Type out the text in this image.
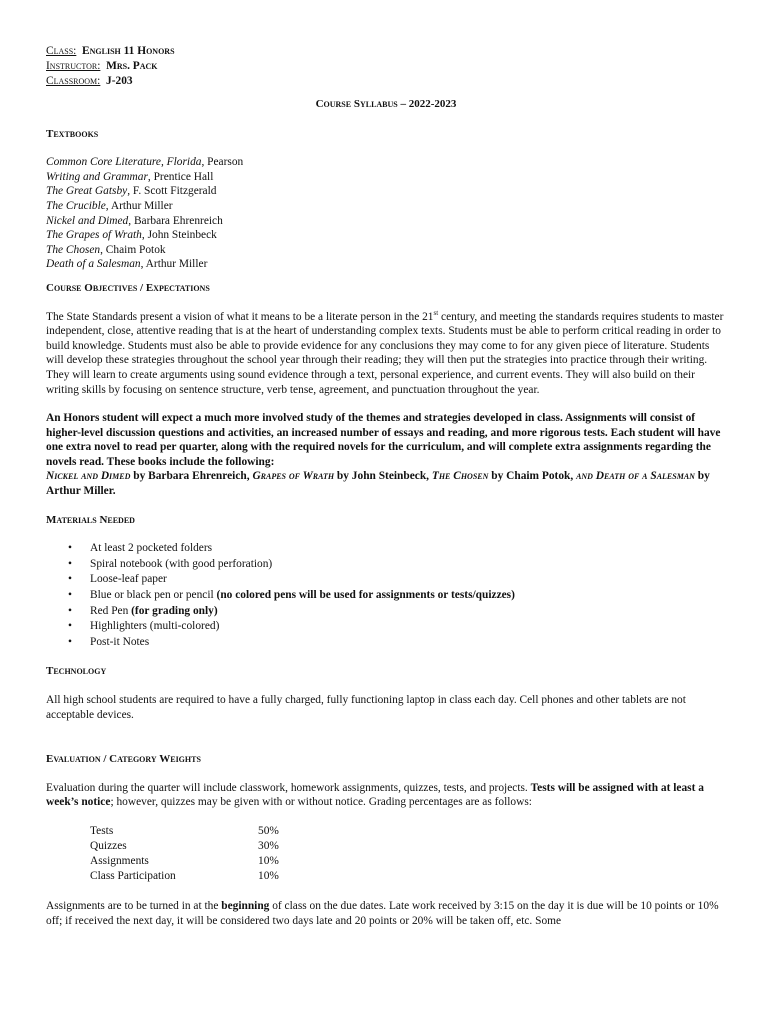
Class: English 11 Honors
Instructor: Mrs. Pack
Classroom: J-203
Course Syllabus – 2022-2023
Textbooks
Common Core Literature, Florida, Pearson
Writing and Grammar, Prentice Hall
The Great Gatsby, F. Scott Fitzgerald
The Crucible, Arthur Miller
Nickel and Dimed, Barbara Ehrenreich
The Grapes of Wrath, John Steinbeck
The Chosen, Chaim Potok
Death of a Salesman, Arthur Miller
Course Objectives / Expectations

The State Standards present a vision of what it means to be a literate person in the 21st century, and meeting the standards requires students to master independent, close, attentive reading that is at the heart of understanding complex texts. Students must be able to perform critical reading in order to build knowledge. Students must also be able to provide evidence for any conclusions they may come to for any given piece of literature. Students will develop these strategies throughout the school year through their reading; they will then put the strategies into practice through their writing. They will learn to create arguments using sound evidence through a text, personal experience, and current events. They will also build on their writing skills by focusing on sentence structure, verb tense, agreement, and punctuation throughout the year.

An Honors student will expect a much more involved study of the themes and strategies developed in class. Assignments will consist of higher-level discussion questions and activities, an increased number of essays and reading, and more rigorous tests. Each student will have one extra novel to read per quarter, along with the required novels for the curriculum, and will complete extra assignments regarding the novels read. These books include the following:
Nickel and Dimed by Barbara Ehrenreich, Grapes of Wrath by John Steinbeck, The Chosen by Chaim Potok, and Death of a Salesman by Arthur Miller.

Materials Needed
• At least 2 pocketed folders
• Spiral notebook (with good perforation)
• Loose-leaf paper
• Blue or black pen or pencil (no colored pens will be used for assignments or tests/quizzes)
• Red Pen (for grading only)
• Highlighters (multi-colored)
• Post-it Notes
Technology

All high school students are required to have a fully charged, fully functioning laptop in class each day. Cell phones and other tablets are not acceptable devices.

Evaluation / Category Weights

Evaluation during the quarter will include classwork, homework assignments, quizzes, tests, and projects. Tests will be assigned with at least a week’s notice; however, quizzes may be given with or without notice. Grading percentages are as follows:

Tests	50%
Quizzes	30%
Assignments	10%
Class Participation	10%

Assignments are to be turned in at the beginning of class on the due dates. Late work received by 3:15 on the day it is due will be 10 points or 10% off; if received the next day, it will be considered two days late and 20 points or 20% will be taken off, etc. Some
